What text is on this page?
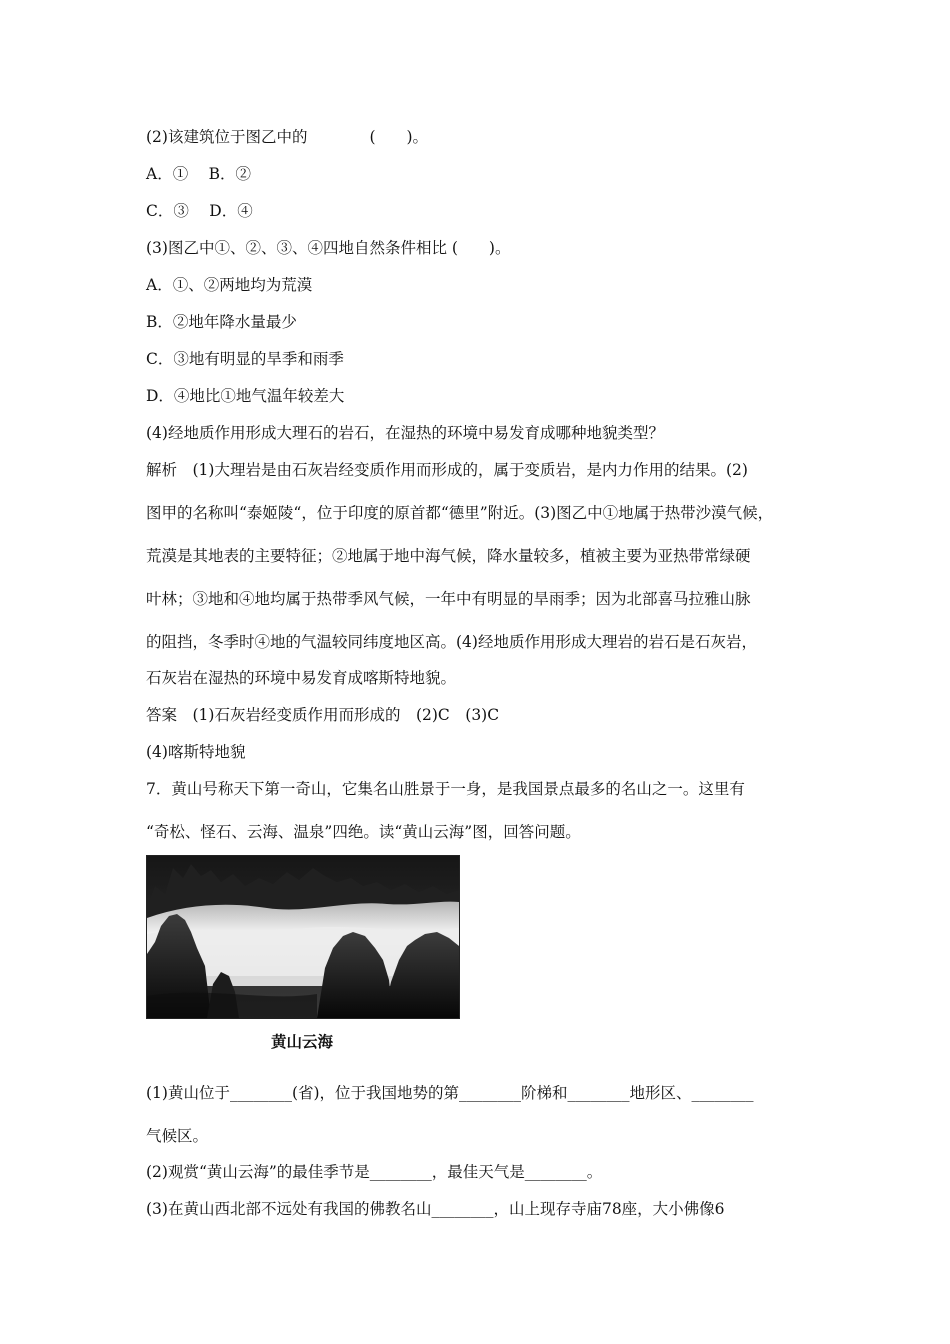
(2)该建筑位于图乙中的　　　　(　　)。
A．①　 B．②
C．③　 D．④
(3)图乙中①、②、③、④四地自然条件相比 (　　)。
A．①、②两地均为荒漠
B．②地年降水量最少
C．③地有明显的旱季和雨季
D．④地比①地气温年较差大
(4)经地质作用形成大理石的岩石，在湿热的环境中易发育成哪种地貌类型？
解析　(1)大理岩是由石灰岩经变质作用而形成的，属于变质岩，是内力作用的结果。(2)
图甲的名称叫“泰姬陵“，位于印度的原首都“德里”附近。(3)图乙中①地属于热带沙漠气候，
荒漠是其地表的主要特征；②地属于地中海气候，降水量较多，植被主要为亚热带常绿硬
叶林；③地和④地均属于热带季风气候，一年中有明显的旱雨季；因为北部喜马拉雅山脉
的阻挡，冬季时④地的气温较同纬度地区高。(4)经地质作用形成大理岩的岩石是石灰岩，
石灰岩在湿热的环境中易发育成喀斯特地貌。
答案　(1)石灰岩经变质作用而形成的　(2)C　(3)C
(4)喀斯特地貌
7．黄山号称天下第一奇山，它集名山胜景于一身，是我国景点最多的名山之一。这里有
“奇松、怪石、云海、温泉”四绝。读“黄山云海”图，回答问题。
黄山云海
(1)黄山位于________(省)，位于我国地势的第________阶梯和________地形区、________
气候区。
(2)观赏“黄山云海”的最佳季节是________，最佳天气是________。
(3)在黄山西北部不远处有我国的佛教名山________，山上现存寺庙78座，大小佛像6
